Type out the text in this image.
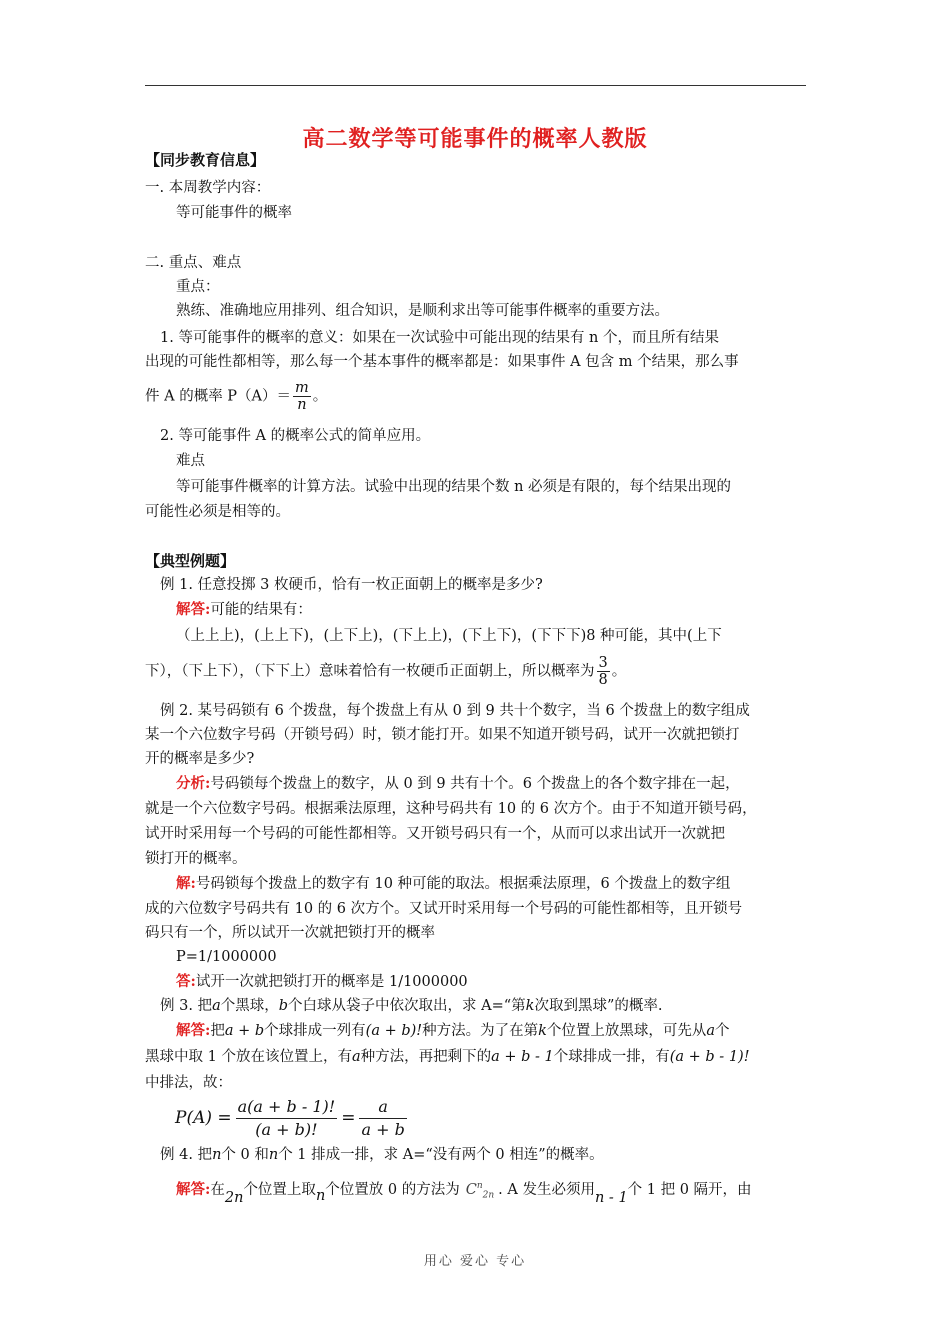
高二数学等可能事件的概率人教版
【同步教育信息】
一. 本周教学内容：
等可能事件的概率
二. 重点、难点
重点：
熟练、准确地应用排列、组合知识，是顺利求出等可能事件概率的重要方法。
1. 等可能事件的概率的意义：如果在一次试验中可能出现的结果有 n 个，而且所有结果
出现的可能性都相等，那么每一个基本事件的概率都是：如果事件 A 包含 m 个结果，那么事
件 A 的概率 $P(A)= \frac{m}{n}$ 。
2. 等可能事件 A 的概率公式的简单应用。
难点
等可能事件概率的计算方法。试验中出现的结果个数 n 必须是有限的，每个结果出现的
可能性必须是相等的。
【典型例题】
例 1. 任意投掷 3 枚硬币，恰有一枚正面朝上的概率是多少?
解答:可能的结果有：
（上上上)，(上上下)，(上下上)，(下上上)，(下上下)，(下下下)8 种可能，其中(上下
下），（下上下），（下下上）意味着恰有一枚硬币正面朝上，所以概率为 $\frac{3}{8}$ 。
例 2. 某号码锁有 6 个拨盘，每个拨盘上有从 0 到 9 共十个数字，当 6 个拨盘上的数字组成
某一个六位数字号码（开锁号码）时，锁才能打开。如果不知道开锁号码，试开一次就把锁打
开的概率是多少?
分析:号码锁每个拨盘上的数字，从 0 到 9 共有十个。6 个拨盘上的各个数字排在一起，
就是一个六位数字号码。根据乘法原理，这种号码共有 10 的 6 次方个。由于不知道开锁号码，
试开时采用每一个号码的可能性都相等。又开锁号码只有一个，从而可以求出试开一次就把
锁打开的概率。
解:号码锁每个拨盘上的数字有 10 种可能的取法。根据乘法原理，6 个拨盘上的数字组
成的六位数字号码共有 10 的 6 次方个。又试开时采用每一个号码的可能性都相等，且开锁号
码只有一个，所以试开一次就把锁打开的概率
P=1/1000000
答:试开一次就把锁打开的概率是 1/1000000
例 3. 把a个黑球，b个白球从袋子中依次取出，求 A=“第k次取到黑球”的概率.
解答:把a + b个球排成一列有(a + b)!种方法。为了在第k个位置上放黑球，可先从a个
黑球中取 1 个放在该位置上，有a种方法，再把剩下的a + b - 1个球排成一排，有(a + b - 1)!
中排法，故：
$P(A) = \frac{a(a + b - 1)!}{(a + b)!} = \frac{a}{a + b}$
例 4. 把n个 0 和n个 1 排成一排，求 A=“没有两个 0 相连”的概率。
解答:在2n个位置上取n个位置放 0 的方法为 $C^n_{2n}$ . A 发生必须用n - 1个 1 把 0 隔开，由
用心 爱心 专心
